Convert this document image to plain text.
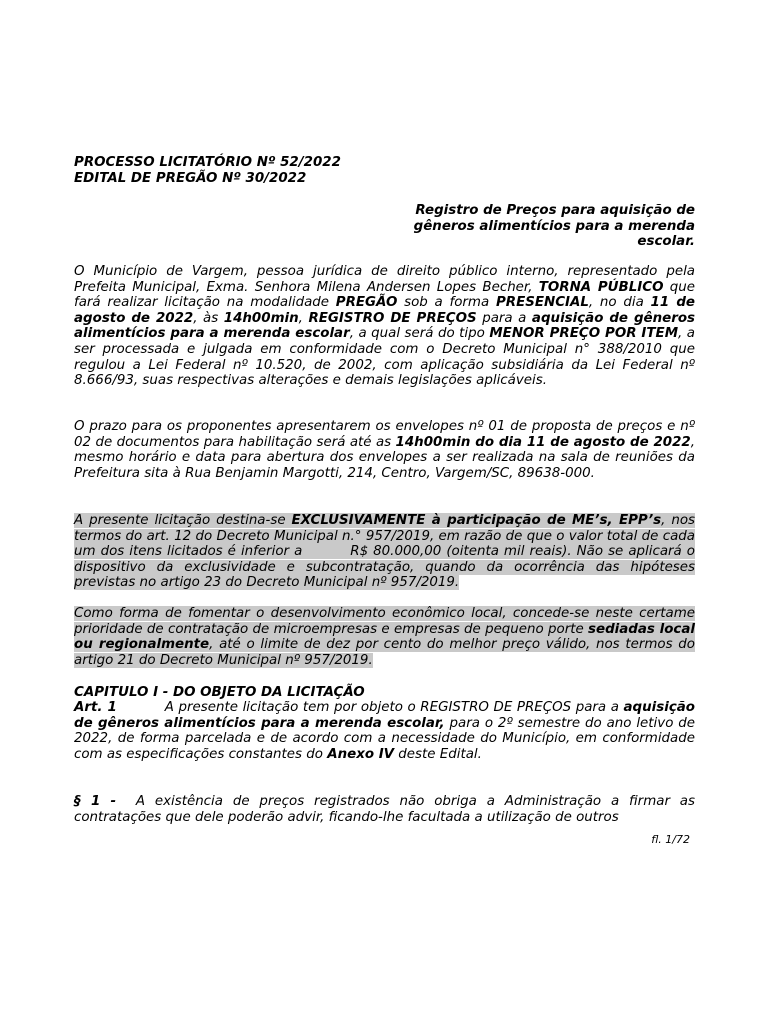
PROCESSO LICITATÓRIO Nº 52/2022
EDITAL DE PREGÃO Nº 30/2022
Registro de Preços para aquisição de
gêneros alimentícios para a merenda
escolar.

O Município de Vargem, pessoa jurídica de direito público interno, representado pela Prefeita Municipal, Exma. Senhora Milena Andersen Lopes Becher, TORNA PÚBLICO que fará realizar licitação na modalidade PREGÃO sob a forma PRESENCIAL, no dia 11 de agosto de 2022, às 14h00min, REGISTRO DE PREÇOS para a aquisição de gêneros alimentícios para a merenda escolar, a qual será do tipo MENOR PREÇO POR ITEM, a ser processada e julgada em conformidade com o Decreto Municipal n° 388/2010 que regulou a Lei Federal nº 10.520, de 2002, com aplicação subsidiária da Lei Federal nº 8.666/93, suas respectivas alterações e demais legislações aplicáveis.

O prazo para os proponentes apresentarem os envelopes nº 01 de proposta de preços e nº 02 de documentos para habilitação será até as 14h00min do dia 11 de agosto de 2022, mesmo horário e data para abertura dos envelopes a ser realizada na sala de reuniões da Prefeitura sita à Rua Benjamin Margotti, 214, Centro, Vargem/SC, 89638-000.

A presente licitação destina-se EXCLUSIVAMENTE à participação de ME’s, EPP’s, nos termos do art. 12 do Decreto Municipal n.° 957/2019, em razão de que o valor total de cada um dos itens licitados é inferior a	R$ 80.000,00 (oitenta mil reais). Não se aplicará o dispositivo da exclusividade e subcontratação, quando da ocorrência das hipóteses previstas no artigo 23 do Decreto Municipal nº 957/2019.

Como forma de fomentar o desenvolvimento econômico local, concede-se neste certame prioridade de contratação de microempresas e empresas de pequeno porte sediadas local ou regionalmente, até o limite de dez por cento do melhor preço válido, nos termos do artigo 21 do Decreto Municipal nº 957/2019.

CAPITULO I - DO OBJETO DA LICITAÇÃO

Art. 1	A presente licitação tem por objeto o REGISTRO DE PREÇOS para a aquisição de gêneros alimentícios para a merenda escolar, para o 2º semestre do ano letivo de 2022, de forma parcelada e de acordo com a necessidade do Município, em conformidade com as especificações constantes do Anexo IV deste Edital.

§ 1 - A existência de preços registrados não obriga a Administração a firmar as contratações que dele poderão advir, ficando-lhe facultada a utilização de outros

fl. 1/72
